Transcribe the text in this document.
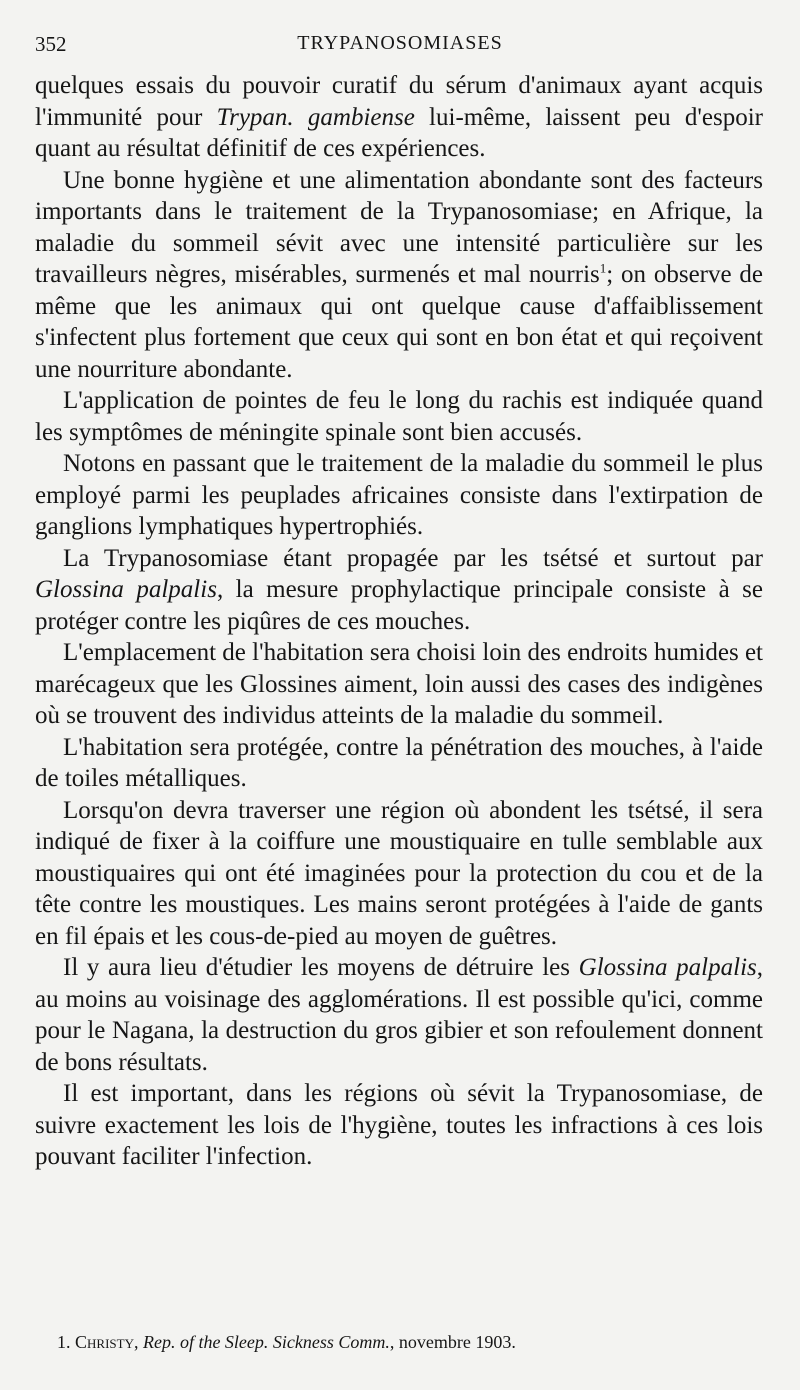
352	TRYPANOSOMIASES

quelques essais du pouvoir curatif du sérum d'animaux ayant acquis l'immunité pour Trypan. gambiense lui-même, laissent peu d'espoir quant au résultat définitif de ces expériences.

Une bonne hygiène et une alimentation abondante sont des facteurs importants dans le traitement de la Trypanosomiase; en Afrique, la maladie du sommeil sévit avec une intensité particulière sur les travailleurs nègres, misérables, surmenés et mal nourris$^1$; on observe de même que les animaux qui ont quelque cause d'affaiblissement s'infectent plus fortement que ceux qui sont en bon état et qui reçoivent une nourriture abondante.

L'application de pointes de feu le long du rachis est indiquée quand les symptômes de méningite spinale sont bien accusés.

Notons en passant que le traitement de la maladie du sommeil le plus employé parmi les peuplades africaines consiste dans l'extirpation de ganglions lymphatiques hypertrophiés.

La Trypanosomiase étant propagée par les tsétsé et surtout par Glossina palpalis, la mesure prophylactique principale consiste à se protéger contre les piqûres de ces mouches.

L'emplacement de l'habitation sera choisi loin des endroits humides et marécageux que les Glossines aiment, loin aussi des cases des indigènes où se trouvent des individus atteints de la maladie du sommeil.

L'habitation sera protégée, contre la pénétration des mouches, à l'aide de toiles métalliques.

Lorsqu'on devra traverser une région où abondent les tsétsé, il sera indiqué de fixer à la coiffure une moustiquaire en tulle semblable aux moustiquaires qui ont été imaginées pour la protection du cou et de la tête contre les moustiques. Les mains seront protégées à l'aide de gants en fil épais et les cous-de-pied au moyen de guêtres.

Il y aura lieu d'étudier les moyens de détruire les Glossina palpalis, au moins au voisinage des agglomérations. Il est possible qu'ici, comme pour le Nagana, la destruction du gros gibier et son refoulement donnent de bons résultats.

Il est important, dans les régions où sévit la Trypanosomiase, de suivre exactement les lois de l'hygiène, toutes les infractions à ces lois pouvant faciliter l'infection.

1. Christy, Rep. of the Sleep. Sickness Comm., novembre 1903.
